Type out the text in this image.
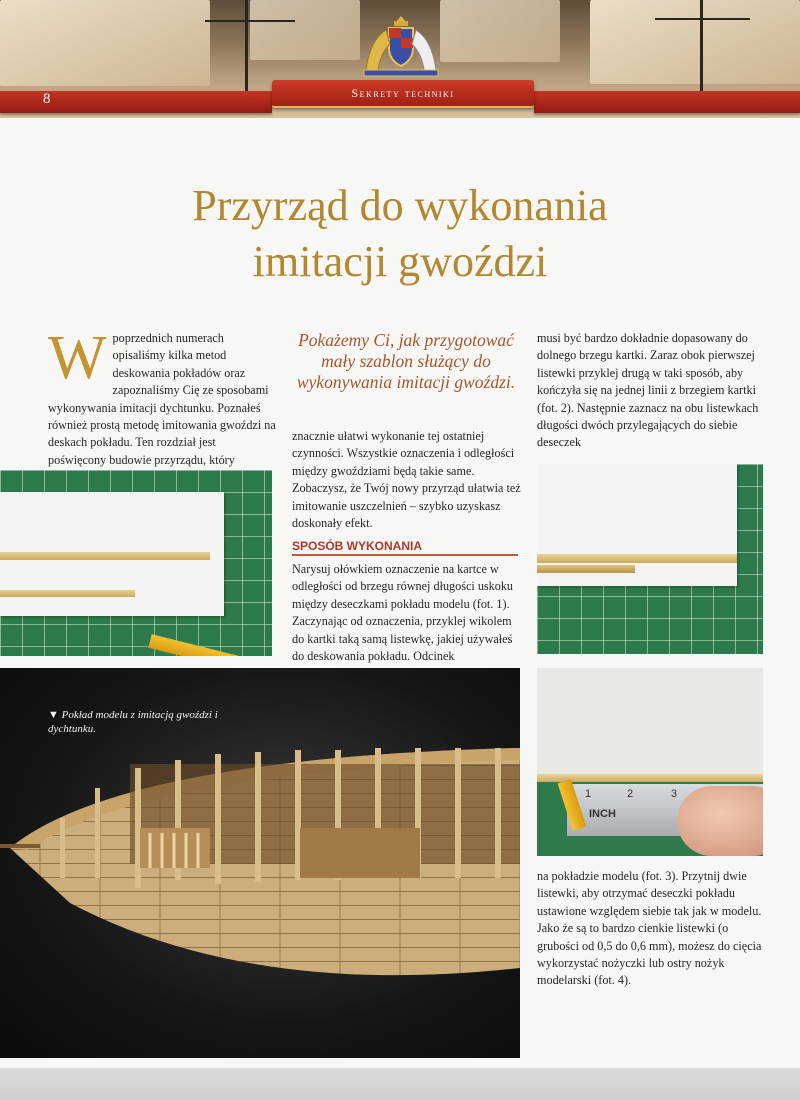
8	Sekrety techniki
Przyrząd do wykonania
imitacji gwoździ

W poprzednich numerach opisaliśmy kilka metod deskowania pokładów oraz zapoznaliśmy Cię ze sposobami wykonywania imitacji dychtunku. Poznałeś również prostą metodę imitowania gwoździ na deskach pokładu. Ten rozdział jest poświęcony budowie przyrządu, który

Pokażemy Ci, jak przygotować mały szablon służący do wykonywania imitacji gwoździ.

znacznie ułatwi wykonanie tej ostatniej czynności. Wszystkie oznaczenia i odległości między gwoździami będą takie same. Zobaczysz, że Twój nowy przyrząd ułatwia też imitowanie uszczelnień – szybko uzyskasz doskonały efekt.

SPOSÓB WYKONANIA

Narysuj ołówkiem oznaczenie na kartce w odległości od brzegu równej długości uskoku między deseczkami pokładu modelu (fot. 1). Zaczynając od oznaczenia, przyklej wikolem do kartki taką samą listewkę, jakiej używałeś do deskowania pokładu. Odcinek

musi być bardzo dokładnie dopasowany do dolnego brzegu kartki. Zaraz obok pierwszej listewki przyklej drugą w taki sposób, aby kończyła się na jednej linii z brzegiem kartki (fot. 2). Następnie zaznacz na obu listewkach długości dwóch przylegających do siebie deseczek

1	2	3
INCH

na pokładzie modelu (fot. 3). Przytnij dwie listewki, aby otrzymać deseczki pokładu ustawione względem siebie tak jak w modelu. Jako że są to bardzo cienkie listewki (o grubości od 0,5 do 0,6 mm), możesz do cięcia wykorzystać nożyczki lub ostry nożyk modelarski (fot. 4).

▼ Pokład modelu z imitacją gwoździ i dychtunku.
